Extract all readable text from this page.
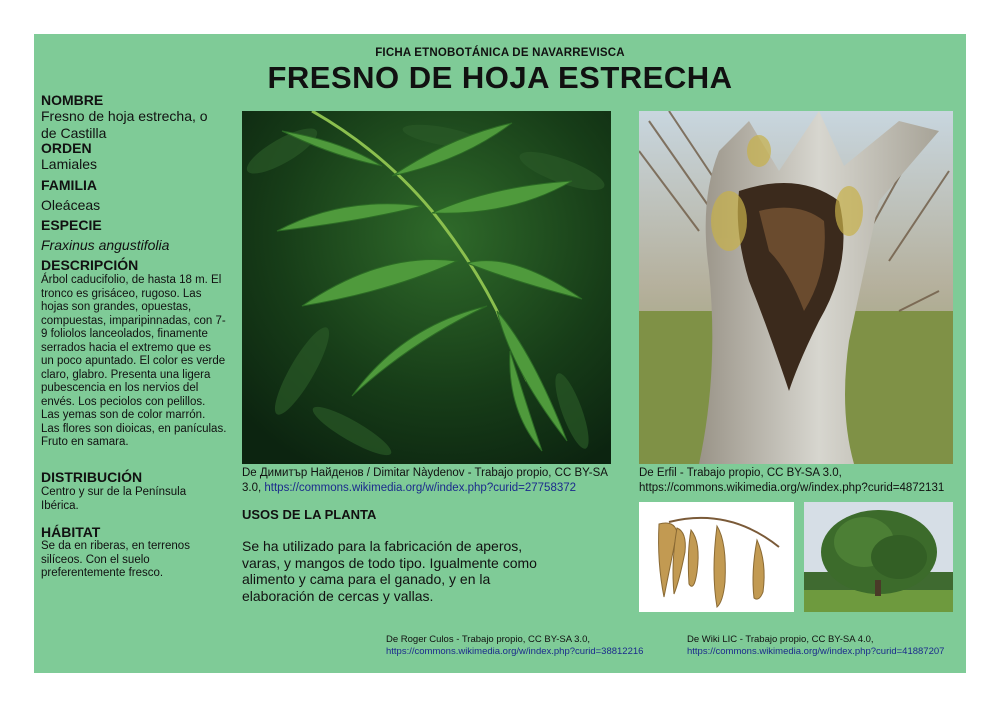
FICHA ETNOBOTÁNICA DE NAVARREVISCA
FRESNO DE HOJA ESTRECHA
NOMBRE
Fresno de hoja estrecha, o de Castilla
ORDEN
Lamiales
FAMILIA
Oleáceas
ESPECIE
Fraxinus angustifolia
DESCRIPCIÓN
Árbol caducifolio, de hasta 18 m. El tronco es grisáceo, rugoso. Las hojas son grandes, opuestas, compuestas, imparipinnadas, con 7-9 foliolos lanceolados, finamente serrados hacia el extremo que es un poco apuntado. El color es verde claro, glabro. Presenta una ligera pubescencia en los nervios del envés. Los peciolos con pelillos. Las yemas son de color marrón.
Las flores son dioicas, en panículas. Fruto en samara.
DISTRIBUCIÓN
Centro y sur de la Península Ibérica.
HÁBITAT
Se da en riberas, en terrenos silíceos. Con el suelo preferentemente fresco.
De Димитър Найденов / Dimitar Nàydenov - Trabajo propio, CC BY-SA 3.0, https://commons.wikimedia.org/w/index.php?curid=27758372
De Erfil - Trabajo propio, CC BY-SA 3.0,
https://commons.wikimedia.org/w/index.php?curid=4872131
USOS DE LA PLANTA
Se ha utilizado para la fabricación de aperos, varas, y mangos de todo tipo. Igualmente como alimento y cama para el ganado, y en la elaboración de cercas y vallas.
De Roger Culos - Trabajo propio, CC BY-SA 3.0,
https://commons.wikimedia.org/w/index.php?curid=38812216
De Wiki LIC - Trabajo propio, CC BY-SA 4.0,
https://commons.wikimedia.org/w/index.php?curid=41887207
